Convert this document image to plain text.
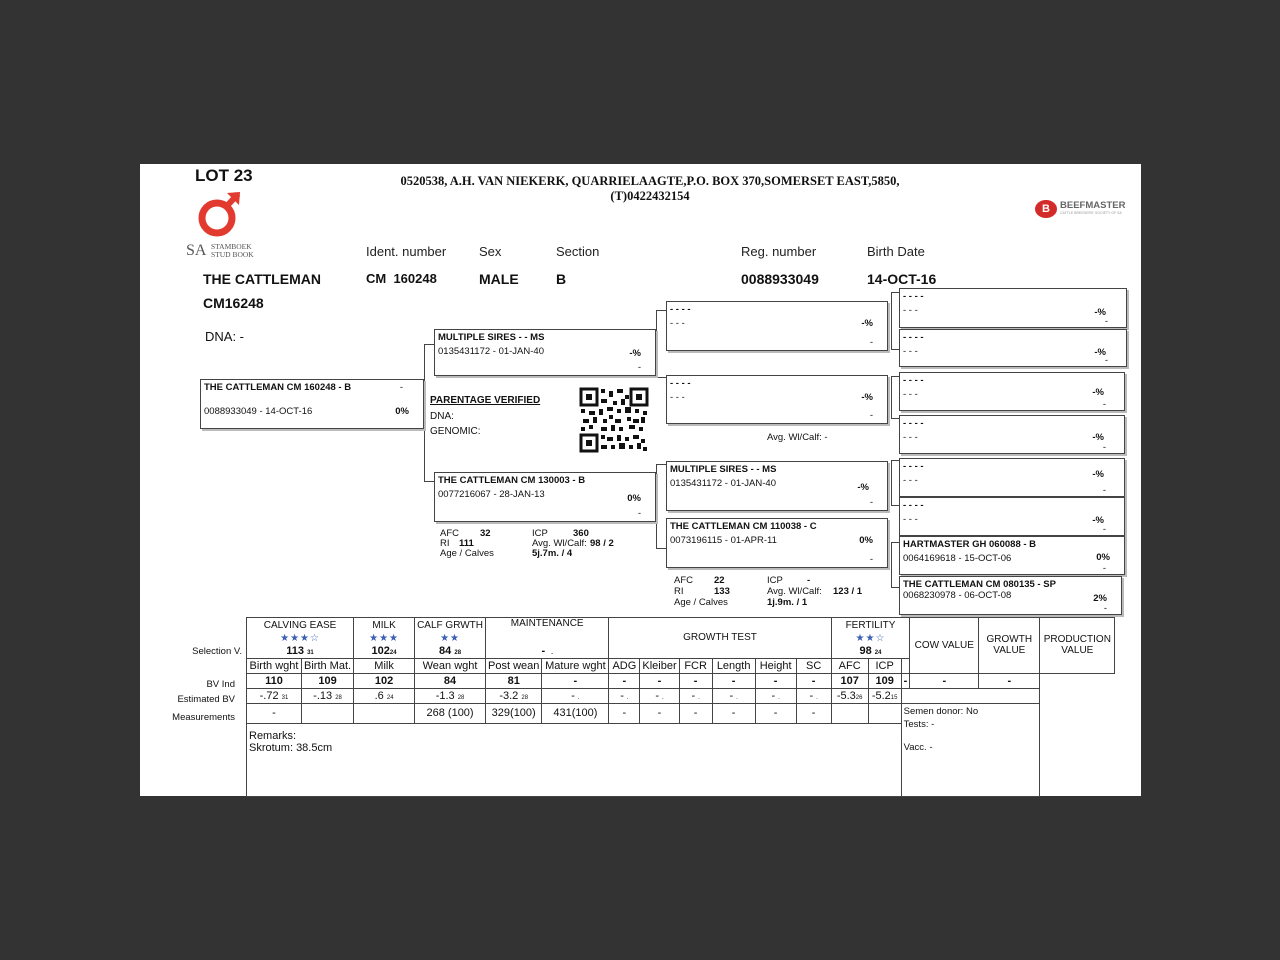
LOT 23	0520538, A.H. VAN NIEKERK, QUARRIELAAGTE,P.O. BOX 370,SOMERSET EAST,5850,
(T)0422432154
SA STAMBOEK
STUD BOOK
B	BEEFMASTER
CATTLE BREEDERS' SOCIETY OF SA
Ident. number	Sex	Section	Reg. number	Birth Date
THE CATTLEMAN
CM16248
CM  160248	MALE	B	0088933049	14-OCT-16
DNA: -
THE CATTLEMAN CM 160248 - B	-
0088933049 - 14-OCT-16	0%
MULTIPLE SIRES - - MS
0135431172 - 01-JAN-40	-%
-
PARENTAGE VERIFIED
DNA:
GENOMIC:
THE CATTLEMAN CM 130003 - B
0077216067 - 28-JAN-13	0%
-
AFC 32
RI 111
Age / Calves
ICP	360
Avg. Wl/Calf: 98 / 2
5j.7m. / 4
- - - -
- - -	-%
-
- - - -
- - -	-%
-
Avg. Wl/Calf: -
MULTIPLE SIRES - - MS
0135431172 - 01-JAN-40	-%
-
THE CATTLEMAN CM 110038 - C
0073196115 - 01-APR-11	0%
-
AFC 22
RI	133
Age / Calves
ICP	-
Avg. Wl/Calf: 123 / 1
1j.9m. / 1
- - - -
- - -	-%
-
- - - -
- - -	-%
-
- - - -
- - -	-%
-
- - - -
- - -	-%
-
- - - -
- - -
-%
-
- - - -
- - -	-%
-
HARTMASTER GH 060088 - B
0064169618 - 15-OCT-06	0%
-
THE CATTLEMAN CM 080135 - SP
0068230978 - 06-OCT-08	2%
-
Selection V.
BV Ind
Estimated BV
Measurements
CALVING EASE		MILK	CALF GRWTH	MAINTENANCE		GROWTH TEST						FERTILITY			COW VALUE	GROWTH VALUE	PRODUCTION VALUE
★★★☆		★★★	★★									★★☆					
113 31		10224	84 28	- .								98 24					
Birth wght	Birth Mat.	Milk	Wean wght	Post wean	Mature wght	ADG	Kleiber	FCR	Length	Height	SC	AFC	ICP				
110	109	102	84	81	-	-	-	-	-	-	-	107	109	-	-	-	
-.72 31	-.13 28	.6 24	-1.3 28	-3.2 28	- .	- .	- .	- .	- .	- .	- .	-5.326	-5.215				
-			268 (100)	329(100)	431(100)	-	-	-	-	-	-			Semen donor: No
Tests: -
Vacc. -			

Remarks:
Skrotum: 38.5cm																	
